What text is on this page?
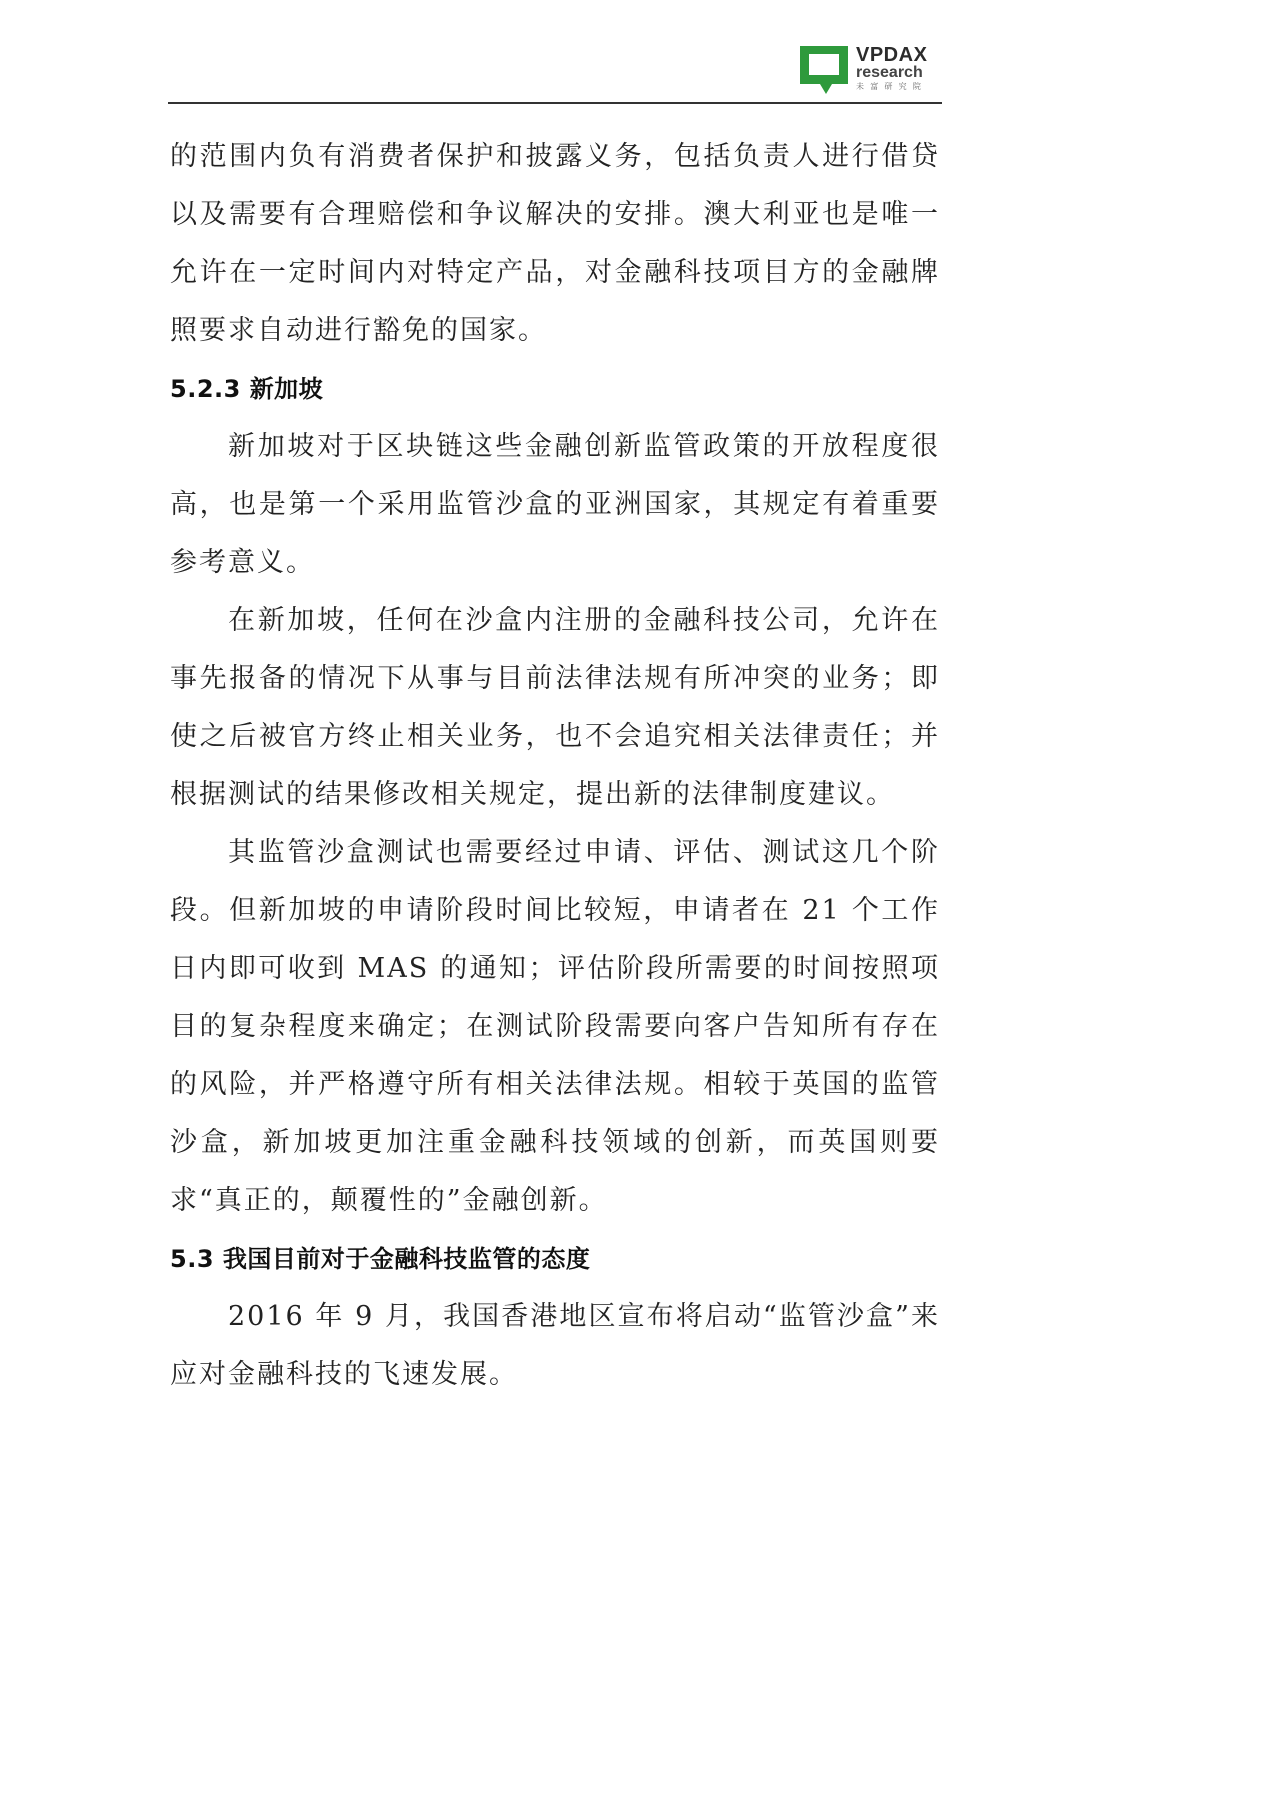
VPDAX
research
未 富 研 究 院

的范围内负有消费者保护和披露义务，包括负责人进行借贷以及需要有合理赔偿和争议解决的安排。澳大利亚也是唯一允许在一定时间内对特定产品，对金融科技项目方的金融牌照要求自动进行豁免的国家。

5.2.3 新加坡

新加坡对于区块链这些金融创新监管政策的开放程度很高，也是第一个采用监管沙盒的亚洲国家，其规定有着重要参考意义。

在新加坡，任何在沙盒内注册的金融科技公司，允许在事先报备的情况下从事与目前法律法规有所冲突的业务；即使之后被官方终止相关业务，也不会追究相关法律责任；并根据测试的结果修改相关规定，提出新的法律制度建议。

其监管沙盒测试也需要经过申请、评估、测试这几个阶段。但新加坡的申请阶段时间比较短，申请者在 21 个工作日内即可收到 MAS 的通知；评估阶段所需要的时间按照项目的复杂程度来确定；在测试阶段需要向客户告知所有存在的风险，并严格遵守所有相关法律法规。相较于英国的监管沙盒，新加坡更加注重金融科技领域的创新，而英国则要求“真正的，颠覆性的”金融创新。

5.3 我国目前对于金融科技监管的态度

2016 年 9 月，我国香港地区宣布将启动“监管沙盒”来应对金融科技的飞速发展。
